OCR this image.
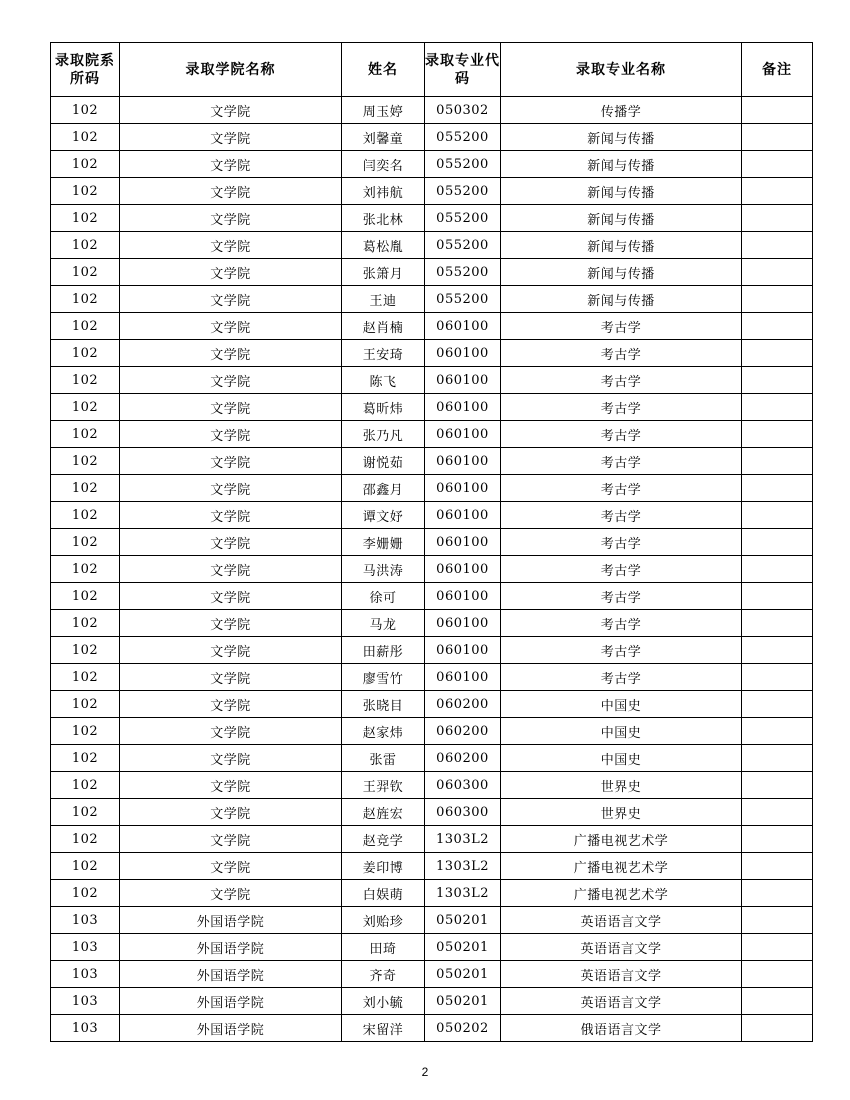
录取院系所码	录取学院名称	姓名	录取专业代码	录取专业名称	备注
102	文学院	周玉婷	050302	传播学	
102	文学院	刘馨童	055200	新闻与传播	
102	文学院	闫奕名	055200	新闻与传播	
102	文学院	刘祎航	055200	新闻与传播	
102	文学院	张北林	055200	新闻与传播	
102	文学院	葛松胤	055200	新闻与传播	
102	文学院	张箫月	055200	新闻与传播	
102	文学院	王迪	055200	新闻与传播	
102	文学院	赵肖楠	060100	考古学	
102	文学院	王安琦	060100	考古学	
102	文学院	陈飞	060100	考古学	
102	文学院	葛昕炜	060100	考古学	
102	文学院	张乃凡	060100	考古学	
102	文学院	谢悦茹	060100	考古学	
102	文学院	邵鑫月	060100	考古学	
102	文学院	谭文妤	060100	考古学	
102	文学院	李姗姗	060100	考古学	
102	文学院	马洪涛	060100	考古学	
102	文学院	徐可	060100	考古学	
102	文学院	马龙	060100	考古学	
102	文学院	田薪彤	060100	考古学	
102	文学院	廖雪竹	060100	考古学	
102	文学院	张晓目	060200	中国史	
102	文学院	赵家炜	060200	中国史	
102	文学院	张雷	060200	中国史	
102	文学院	王羿钦	060300	世界史	
102	文学院	赵旌宏	060300	世界史	
102	文学院	赵竞学	1303L2	广播电视艺术学	
102	文学院	姜印博	1303L2	广播电视艺术学	
102	文学院	白娱萌	1303L2	广播电视艺术学	
103	外国语学院	刘贻珍	050201	英语语言文学	
103	外国语学院	田琦	050201	英语语言文学	
103	外国语学院	齐奇	050201	英语语言文学	
103	外国语学院	刘小毓	050201	英语语言文学	
103	外国语学院	宋留洋	050202	俄语语言文学	
2
